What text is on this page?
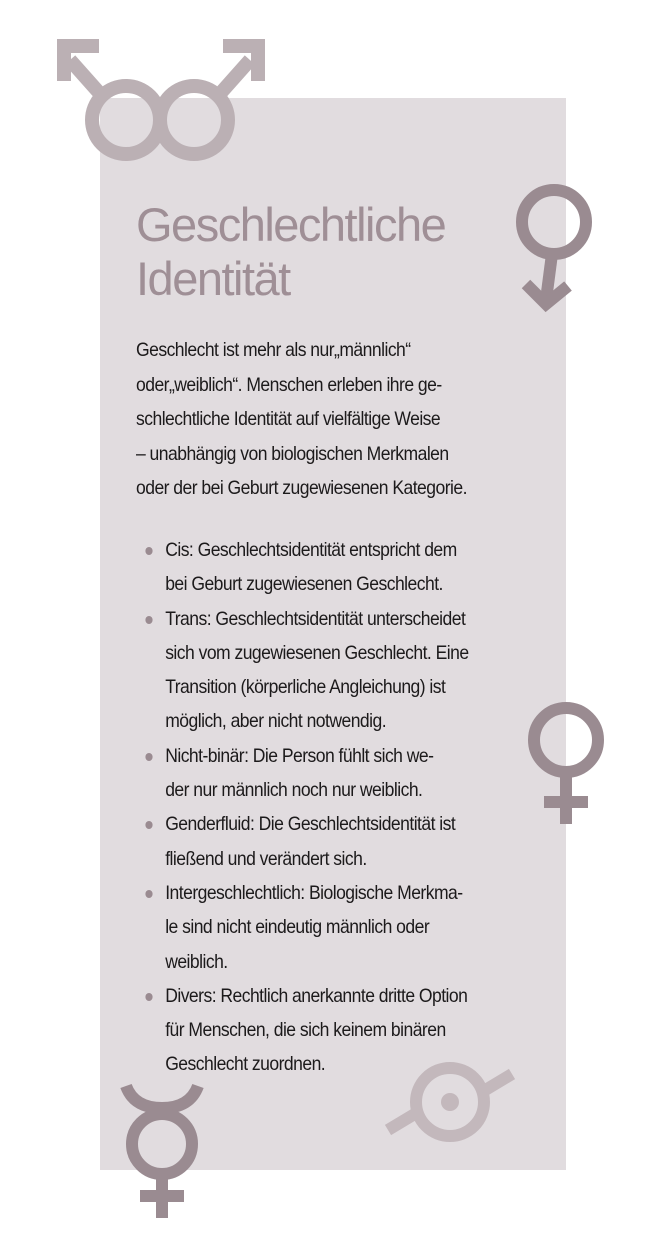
Geschlechtliche
Identität

Geschlecht ist mehr als nur„männlich“
oder„weiblich“. Menschen erleben ihre ge-
schlechtliche Identität auf vielfältige Weise
– unabhängig von biologischen Merkmalen
oder der bei Geburt zugewiesenen Kategorie.

Cis: Geschlechtsidentität entspricht dem
bei Geburt zugewiesenen Geschlecht.
Trans: Geschlechtsidentität unterscheidet
sich vom zugewiesenen Geschlecht. Eine
Transition (körperliche Angleichung) ist
möglich, aber nicht notwendig.
Nicht-binär: Die Person fühlt sich we-
der nur männlich noch nur weiblich.
Genderfluid: Die Geschlechtsidentität ist
fließend und verändert sich.
Intergeschlechtlich: Biologische Merkma-
le sind nicht eindeutig männlich oder
weiblich.
Divers: Rechtlich anerkannte dritte Option
für Menschen, die sich keinem binären
Geschlecht zuordnen.
